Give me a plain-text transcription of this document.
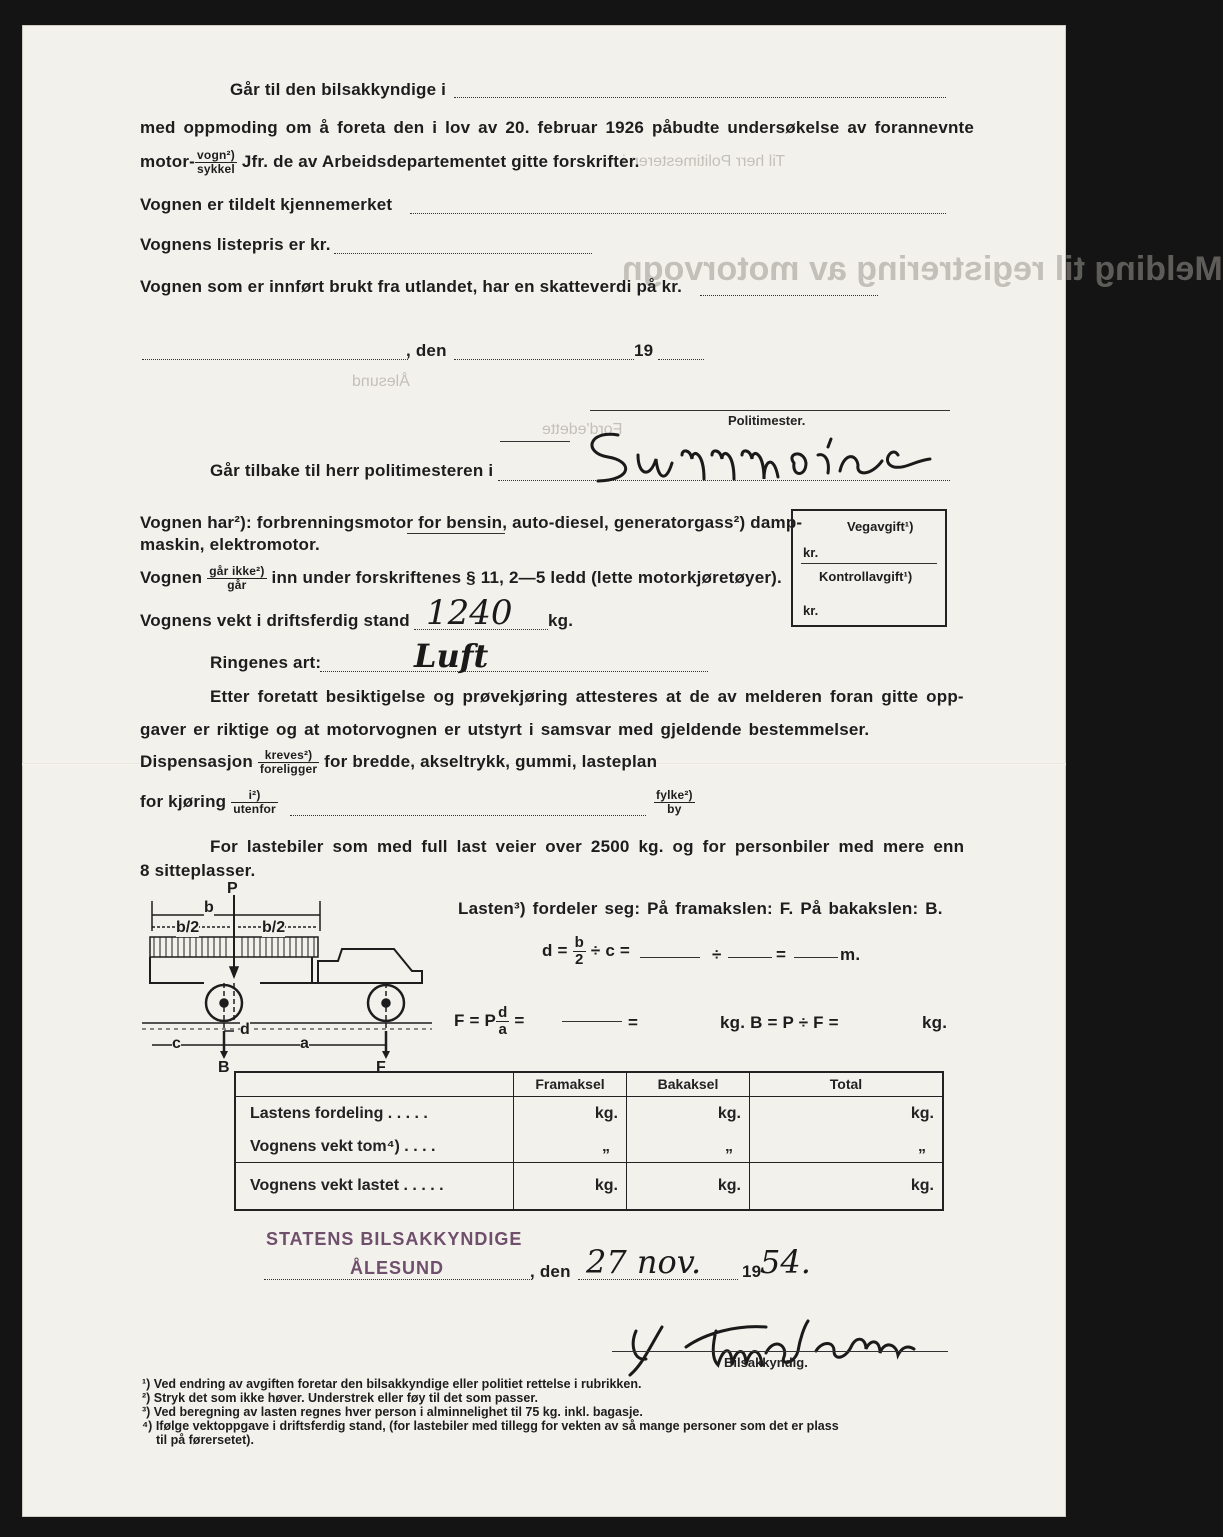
Melding til registrering av motorvogn
Til herr Politimesteren i
Ålesund
Ford'edette
Går til den bilsakkyndige i
med oppmoding om å foreta den i lov av 20. februar 1926 påbudte undersøkelse av forannevnte
motor- $\frac{\text{vogn²)}}{\text{sykkel}}$ Jfr. de av Arbeidsdepartementet gitte forskrifter.
Vognen er tildelt kjennemerket
Vognens listepris er kr.
Vognen som er innført brukt fra utlandet, har en skatteverdi på kr.
, den	19
Politimester.
Går tilbake til herr politimesteren i
Vognen har²): forbrenningsmotor for bensin, auto-diesel, generatorgass²) damp-
maskin, elektromotor.
Vegavgift¹)
kr.
Kontrollavgift¹)
kr.
Vognen $\frac{\text{går ikke²)}}{\text{går}}$ inn under forskriftenes § 11, 2—5 ledd (lette motorkjøretøyer).
Vognens vekt i driftsferdig stand 1240 kg.
Ringenes art:	Luft
Etter foretatt besiktigelse og prøvekjøring attesteres at de av melderen foran gitte opp-
gaver er riktige og at motorvognen er utstyrt i samsvar med gjeldende bestemmelser.
Dispensasjon $\frac{\text{kreves²)}}{\text{foreligger}}$ for bredde, akseltrykk, gummi, lasteplan
for kjøring $\frac{\text{i²)}}{\text{utenfor}}$	$\frac{\text{fylke²)}}{by}$
For lastebiler som med full last veier over 2500 kg. og for personbiler med mere enn
8 sitteplasser.
P
b
b/2	b/2
c
d
a
B	F
Lasten³) fordeler seg: På framakslen: F. På bakakslen: B.
$d = \frac{b}{2} \div c$ =	÷	=	m.
F = P $\frac{d}{a}$ =	=	kg. B = P ÷ F =	kg.
	Framaksel	Bakaksel	Total
Lastens fordeling . . . . .	kg.	kg.	kg.
Vognens vekt tom⁴) . . . .	„	„	„
Vognens vekt lastet . . . . .	kg.	kg.	kg.
STATENS BILSAKKYNDIGE
ÅLESUND	, den 27 nov. 19
54.
Bilsakkyndig.
¹) Ved endring av avgiften foretar den bilsakkyndige eller politiet rettelse i rubrikken.
²) Stryk det som ikke høver. Understrek eller føy til det som passer.
³) Ved beregning av lasten regnes hver person i alminnelighet til 75 kg. inkl. bagasje.
⁴) Ifølge vektoppgave i driftsferdig stand, (for lastebiler med tillegg for vekten av så mange personer som det er plass
til på førersetet).
